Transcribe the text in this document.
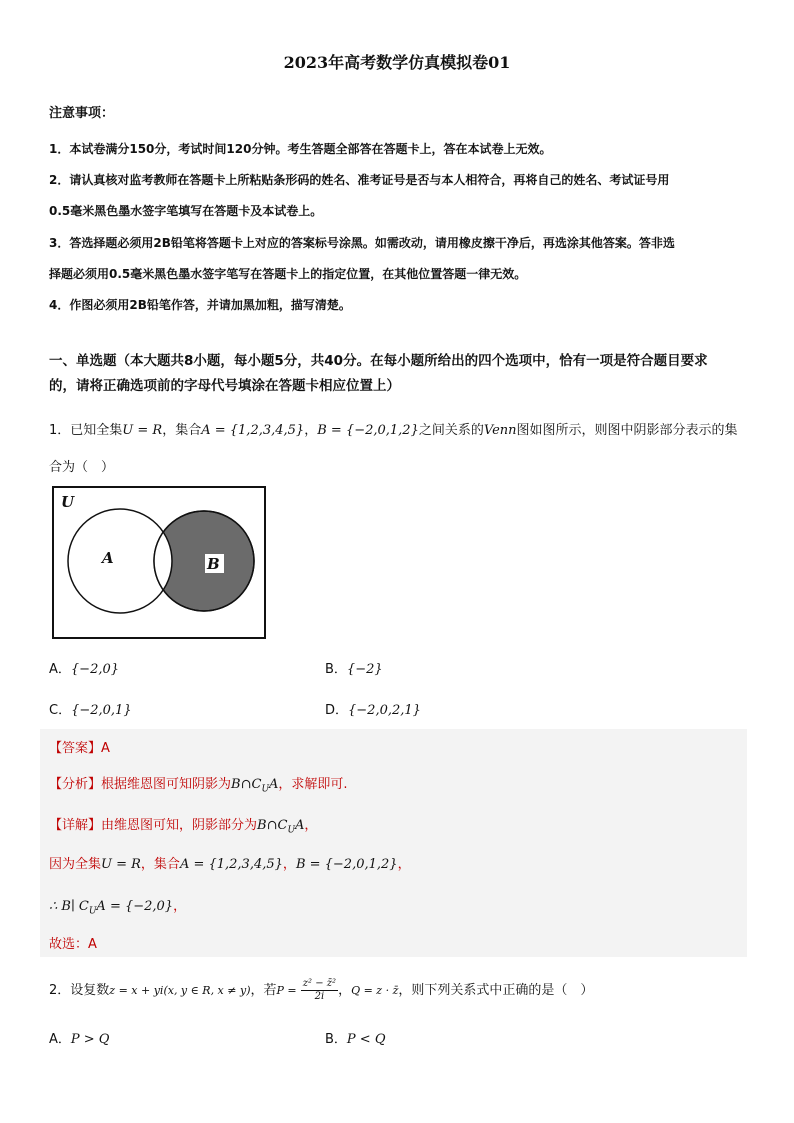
2023年高考数学仿真模拟卷01
注意事项：
1．本试卷满分150分，考试时间120分钟。考生答题全部答在答题卡上，答在本试卷上无效。
2．请认真核对监考教师在答题卡上所粘贴条形码的姓名、准考证号是否与本人相符合，再将自己的姓名、考试证号用
0.5毫米黑色墨水签字笔填写在答题卡及本试卷上。
3．答选择题必须用2B铅笔将答题卡上对应的答案标号涂黑。如需改动，请用橡皮擦干净后，再选涂其他答案。答非选
择题必须用0.5毫米黑色墨水签字笔写在答题卡上的指定位置，在其他位置答题一律无效。
4．作图必须用2B铅笔作答，并请加黑加粗，描写清楚。
一、单选题（本大题共8小题，每小题5分，共40分。在每小题所给出的四个选项中，恰有一项是符合题目要求
的，请将正确选项前的字母代号填涂在答题卡相应位置上）
1．已知全集U = R，集合A = {1,2,3,4,5}，B = {−2,0,1,2}之间关系的Venn图如图所示，则图中阴影部分表示的集
合为（　）
U
A	B
A．{−2,0}	B．{−2}
C．{−2,0,1}	D．{−2,0,2,1}
【答案】A
【分析】根据维恩图可知阴影为$B\cap C_UA$，求解即可.
【详解】由维恩图可知，阴影部分为$B\cap C_UA$，
因为全集U = R，集合A = {1,2,3,4,5}，B = {−2,0,1,2}，
∴ B∣ $C_UA = \{-2,0\}$，
故选：A
2．设复数z = x + yi(x, y ∈ R, x ≠ y)，若$P = \frac{\text{z² − z̄²}}{2i}$ ，Q = z · z̄，则下列关系式中正确的是（　）
A．P > Q	B．P < Q
